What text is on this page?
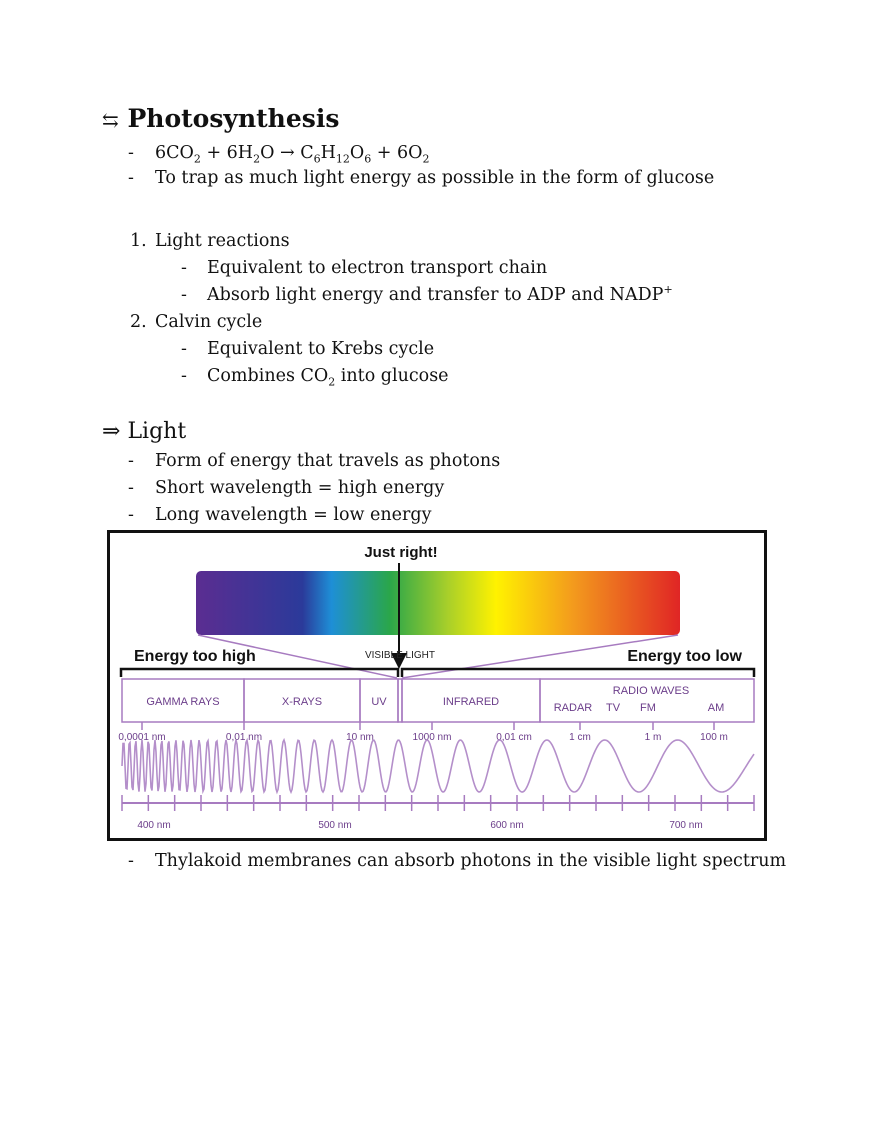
⇆ Photosynthesis
- $6CO_2 + 6H_2O \to C_6H_{12}O_6 + 6O_2$
- To trap as much light energy as possible in the form of glucose
1. Light reactions
- Equivalent to electron transport chain
- Absorb light energy and transfer to ADP and NADP+
2. Calvin cycle
- Equivalent to Krebs cycle
- Combines $CO_2$ into glucose
⇒ Light
- Form of energy that travels as photons
- Short wavelength = high energy
- Long wavelength = low energy
Just right!
Energy too high	Energy too low
VISIBLE LIGHT
GAMMA RAYS	X-RAYS	UV	INFRARED
RADIO WAVES
RADAR TV FM	AM
0,0001 nm	0,01 nm	10 nm	1000 nm	0,01 cm	1 cm	1 m	100 m
400 nm	500 nm	600 nm	700 nm
- Thylakoid membranes can absorb photons in the visible light spectrum
